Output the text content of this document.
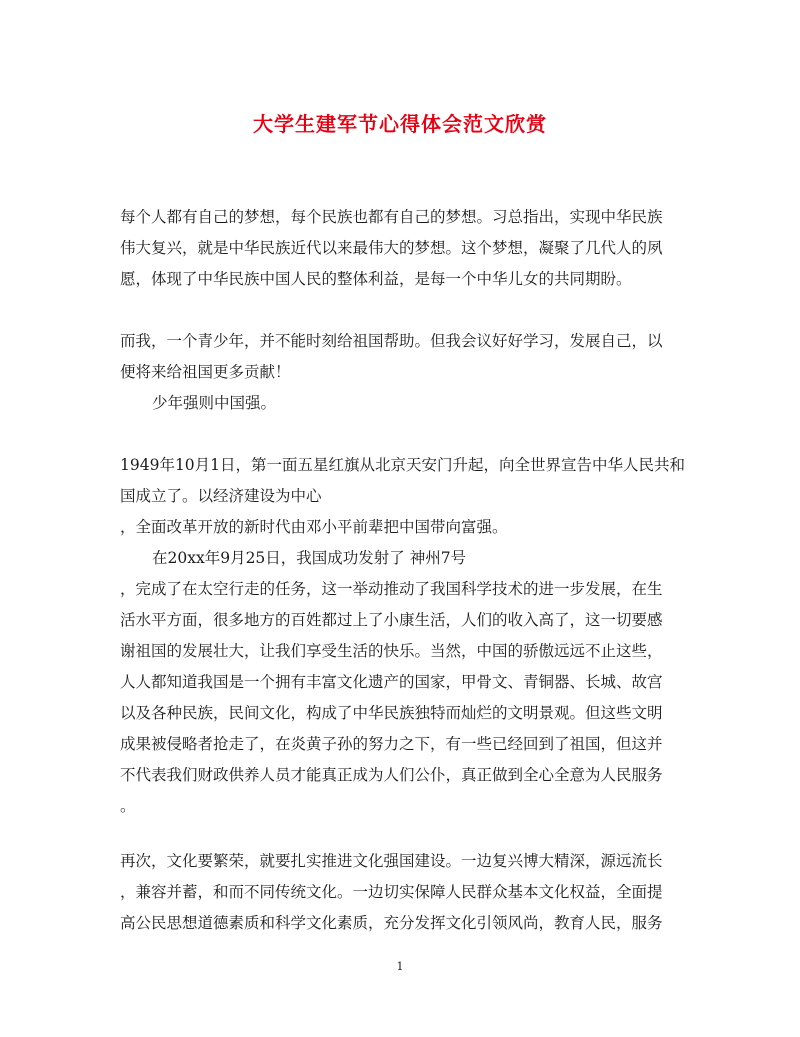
大学生建军节心得体会范文欣赏
每个人都有自己的梦想，每个民族也都有自己的梦想。习总指出，实现中华民族
伟大复兴，就是中华民族近代以来最伟大的梦想。这个梦想，凝聚了几代人的夙
愿，体现了中华民族中国人民的整体利益，是每一个中华儿女的共同期盼。
而我，一个青少年，并不能时刻给祖国帮助。但我会议好好学习，发展自己，以
便将来给祖国更多贡献！
少年强则中国强。
1949年10月1日，第一面五星红旗从北京天安门升起，向全世界宣告中华人民共和
国成立了。以经济建设为中心
，全面改革开放的新时代由邓小平前辈把中国带向富强。
在20xx年9月25日，我国成功发射了 神州7号
，完成了在太空行走的任务，这一举动推动了我国科学技术的进一步发展，在生
活水平方面，很多地方的百姓都过上了小康生活，人们的收入高了，这一切要感
谢祖国的发展壮大，让我们享受生活的快乐。当然，中国的骄傲远远不止这些，
人人都知道我国是一个拥有丰富文化遗产的国家，甲骨文、青铜器、长城、故宫
以及各种民族，民间文化，构成了中华民族独特而灿烂的文明景观。但这些文明
成果被侵略者抢走了，在炎黄子孙的努力之下，有一些已经回到了祖国，但这并
不代表我们财政供养人员才能真正成为人们公仆，真正做到全心全意为人民服务
。
再次，文化要繁荣，就要扎实推进文化强国建设。一边复兴博大精深，源远流长
，兼容并蓄，和而不同传统文化。一边切实保障人民群众基本文化权益，全面提
高公民思想道德素质和科学文化素质，充分发挥文化引领风尚，教育人民，服务
1
